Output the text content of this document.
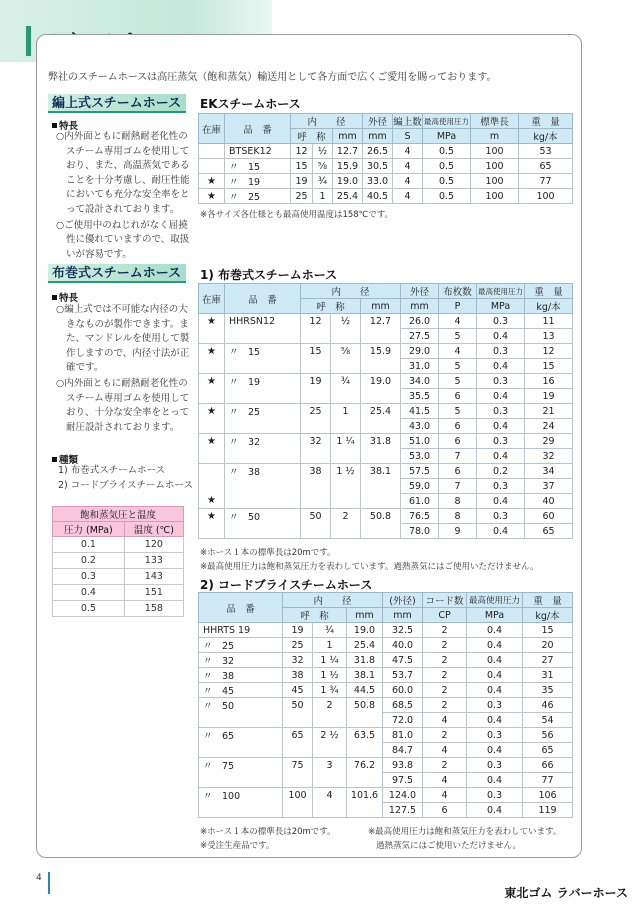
弊社のスチームホースは高圧蒸気（飽和蒸気）輸送用として各方面で広くご愛用を賜っております。
編上式スチームホース
特長
○内外面ともに耐熱耐老化性のスチーム専用ゴムを使用しており、また、高温蒸気であることを十分考慮し、耐圧性能においても充分な安全率をとって設計されております。
○ご使用中のねじれがなく屈撓性に優れていますので、取扱いが容易です。
布巻式スチームホース
特長
○編上式では不可能な内径の大きなものが製作できます。また、マンドレルを使用して製作しますので、内径寸法が正確です。
○内外面ともに耐熱耐老化性のスチーム専用ゴムを使用しており、十分な安全率をとって耐圧設計されております。
種類
1) 布巻式スチームホース
2) コードブライスチームホース
飽和蒸気圧と温度	
圧力 (MPa)	温度 (℃)
0.1	120
0.2	133
0.3	143
0.4	151
0.5	158
EKスチームホース
在庫	品　番	内　　径			外径	編上数	最高使用圧力	標準長	重　量
		呼　称		mm	mm	S	MPa	m	kg/本
	BTSEK12	12	½	12.7	26.5	4	0.5	100	53
	〃　15	15	⅝	15.9	30.5	4	0.5	100	65
★	〃　19	19	¾	19.0	33.0	4	0.5	100	77
★	〃　25	25	1	25.4	40.5	4	0.5	100	100
※各サイズ各仕様とも最高使用温度は158℃です。
1) 布巻式スチームホース
在庫	品　番	内　　径			外径	布枚数	最高使用圧力	重　量
		呼　称		mm	mm	P	MPa	kg/本
★	HHRSN12	12	½	12.7	26.0	4	0.3	11
					27.5	5	0.4	13
★	〃　15	15	⅝	15.9	29.0	4	0.3	12
					31.0	5	0.4	15
★	〃　19	19	¾	19.0	34.0	5	0.3	16
					35.5	6	0.4	19
★	〃　25	25	1	25.4	41.5	5	0.3	21
					43.0	6	0.4	24
★	〃　32	32	1 ¼	31.8	51.0	6	0.3	29
					53.0	7	0.4	32
	〃　38	38	1 ½	38.1	57.5	6	0.2	34
					59.0	7	0.3	37
★					61.0	8	0.4	40
★	〃　50	50	2	50.8	76.5	8	0.3	60
					78.0	9	0.4	65
※ホース１本の標準長は20mです。
※最高使用圧力は飽和蒸気圧力を表わしています。過熱蒸気にはご使用いただけません。
2) コードブライスチームホース
品　番	内　　径			(外径)	コード数	最高使用圧力	重　量
	呼　称		mm	mm	CP	MPa	kg/本
HHRTS 19	19	¾	19.0	32.5	2	0.4	15
〃　25	25	1	25.4	40.0	2	0.4	20
〃　32	32	1 ¼	31.8	47.5	2	0.4	27
〃　38	38	1 ½	38.1	53.7	2	0.4	31
〃　45	45	1 ¾	44.5	60.0	2	0.4	35
〃　50	50	2	50.8	68.5	2	0.3	46
				72.0	4	0.4	54
〃　65	65	2 ½	63.5	81.0	2	0.3	56
				84.7	4	0.4	65
〃　75	75	3	76.2	93.8	2	0.3	66
				97.5	4	0.4	77
〃　100	100	4	101.6	124.0	4	0.3	106
				127.5	6	0.4	119
※ホース１本の標準長は20mです。
※受注生産品です。
※最高使用圧力は飽和蒸気圧力を表わしています。
過熱蒸気にはご使用いただけません。
4
東北ゴム ラバーホース
